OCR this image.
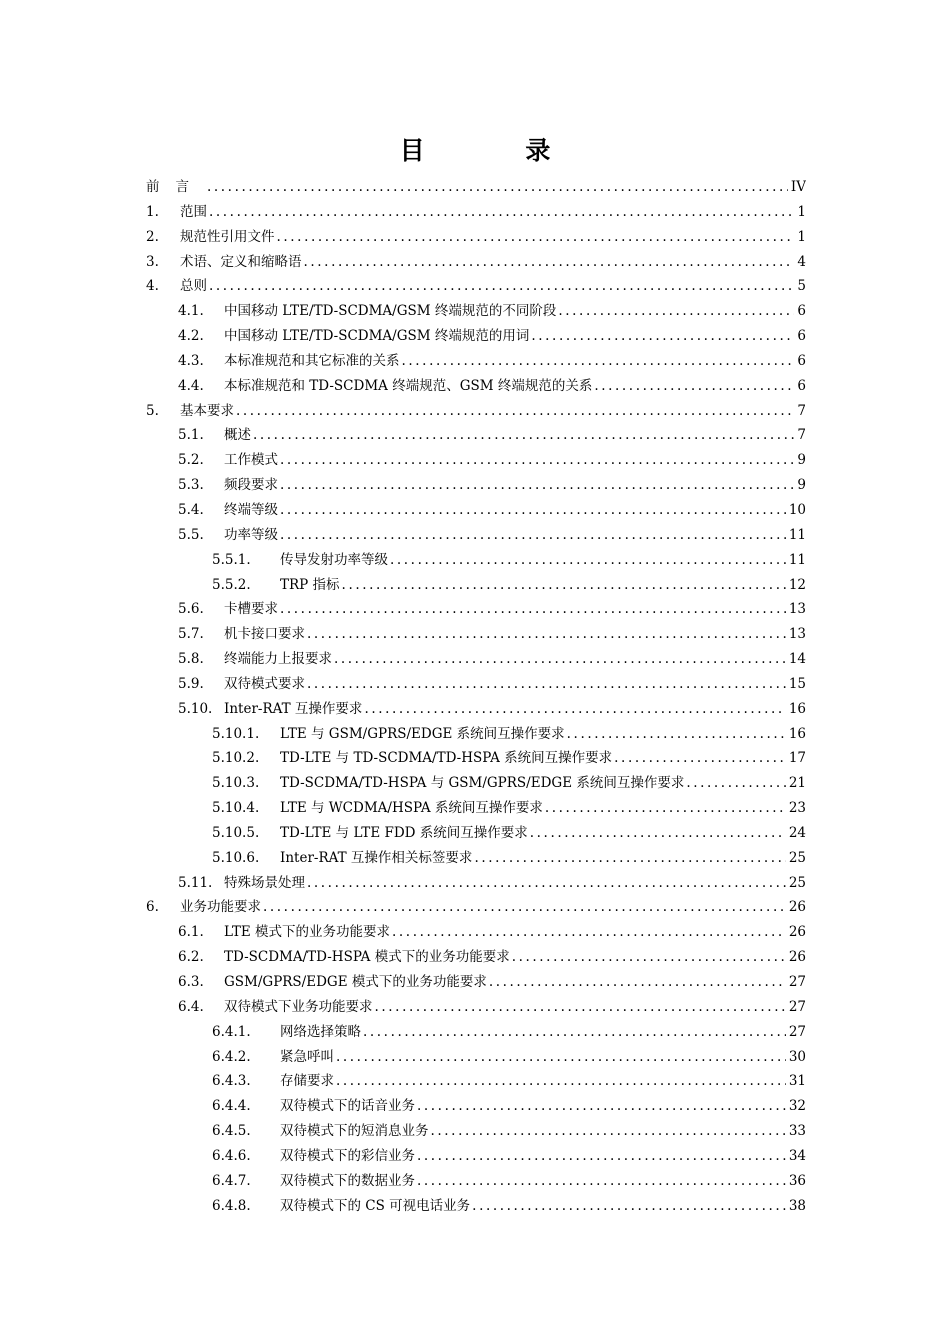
目 录
前言 .....	IV
1. 范围 .....	1
2. 规范性引用文件 .....	1
3. 术语、定义和缩略语 .....	4
4. 总则 .....	5
4.1. 中国移动 LTE/TD-SCDMA/GSM 终端规范的不同阶段 .....	6
4.2. 中国移动 LTE/TD-SCDMA/GSM 终端规范的用词 .....	6
4.3. 本标准规范和其它标准的关系 .....	6
4.4. 本标准规范和 TD-SCDMA 终端规范、GSM 终端规范的关系 .....	6
5. 基本要求 .....	7
5.1. 概述 .....	7
5.2. 工作模式 .....	9
5.3. 频段要求 .....	9
5.4. 终端等级 .....	10
5.5. 功率等级 .....	11
5.5.1. 传导发射功率等级 .....	11
5.5.2. TRP 指标 .....	12
5.6. 卡槽要求 .....	13
5.7. 机卡接口要求 .....	13
5.8. 终端能力上报要求 .....	14
5.9. 双待模式要求 .....	15
5.10. Inter-RAT 互操作要求 .....	16
5.10.1. LTE 与 GSM/GPRS/EDGE 系统间互操作要求 .....	16
5.10.2. TD-LTE 与 TD-SCDMA/TD-HSPA 系统间互操作要求 .....	17
5.10.3. TD-SCDMA/TD-HSPA 与 GSM/GPRS/EDGE 系统间互操作要求 .....	21
5.10.4. LTE 与 WCDMA/HSPA 系统间互操作要求 .....	23
5.10.5. TD-LTE 与 LTE FDD 系统间互操作要求 .....	24
5.10.6. Inter-RAT 互操作相关标签要求 .....	25
5.11. 特殊场景处理 .....	25
6. 业务功能要求 .....	26
6.1. LTE 模式下的业务功能要求 .....	26
6.2. TD-SCDMA/TD-HSPA 模式下的业务功能要求 .....	26
6.3. GSM/GPRS/EDGE 模式下的业务功能要求 .....	27
6.4. 双待模式下业务功能要求 .....	27
6.4.1. 网络选择策略 .....	27
6.4.2. 紧急呼叫 .....	30
6.4.3. 存储要求 .....	31
6.4.4. 双待模式下的话音业务 .....	32
6.4.5. 双待模式下的短消息业务 .....	33
6.4.6. 双待模式下的彩信业务 .....	34
6.4.7. 双待模式下的数据业务 .....	36
6.4.8. 双待模式下的 CS 可视电话业务 .....	38
